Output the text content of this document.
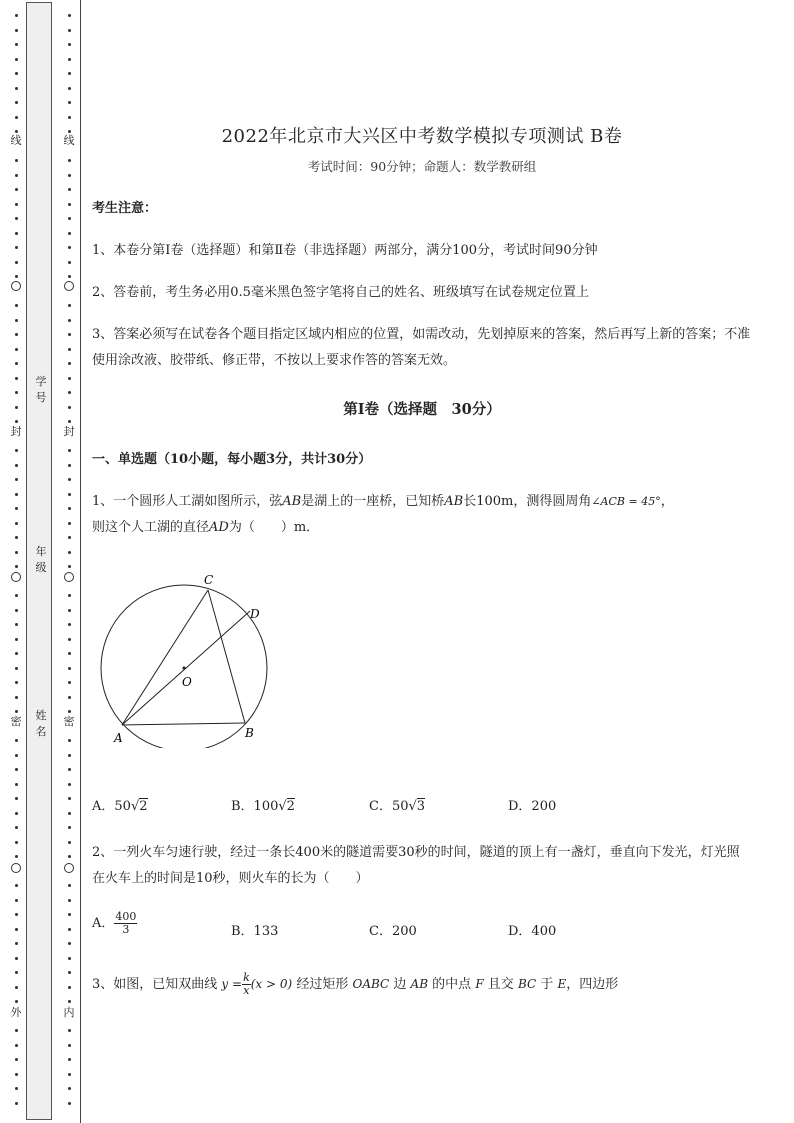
线
封
密
外
线
封
密
内
学号
年级
姓名
2022年北京市大兴区中考数学模拟专项测试 B卷
考试时间：90分钟；命题人：数学教研组
考生注意：
1、本卷分第I卷（选择题）和第Ⅱ卷（非选择题）两部分，满分100分，考试时间90分钟
2、答卷前，考生务必用0.5毫米黑色签字笔将自己的姓名、班级填写在试卷规定位置上
3、答案必须写在试卷各个题目指定区域内相应的位置，如需改动，先划掉原来的答案，然后再写上新的答案；不准使用涂改液、胶带纸、修正带，不按以上要求作答的答案无效。
第I卷（选择题　30分）
一、单选题（10小题，每小题3分，共计30分）
1、一个圆形人工湖如图所示，弦AB是湖上的一座桥，已知桥AB长100m，测得圆周角∠ACB = 45°，
则这个人工湖的直径AD为（　　）m．
C
D
O
A	B
A．50√2	B．100√2	C．50√3	D．200
2、一列火车匀速行驶，经过一条长400米的隧道需要30秒的时间，隧道的顶上有一盏灯，垂直向下发光，灯光照在火车上的时间是10秒，则火车的长为（　　）
A． $\frac{400}{3}$	B．133	C．200	D．400
3、如图，已知双曲线 $y = \frac{k}{x} (x > 0)$ 经过矩形 OABC 边 AB 的中点 F 且交 BC 于 E，四边形
